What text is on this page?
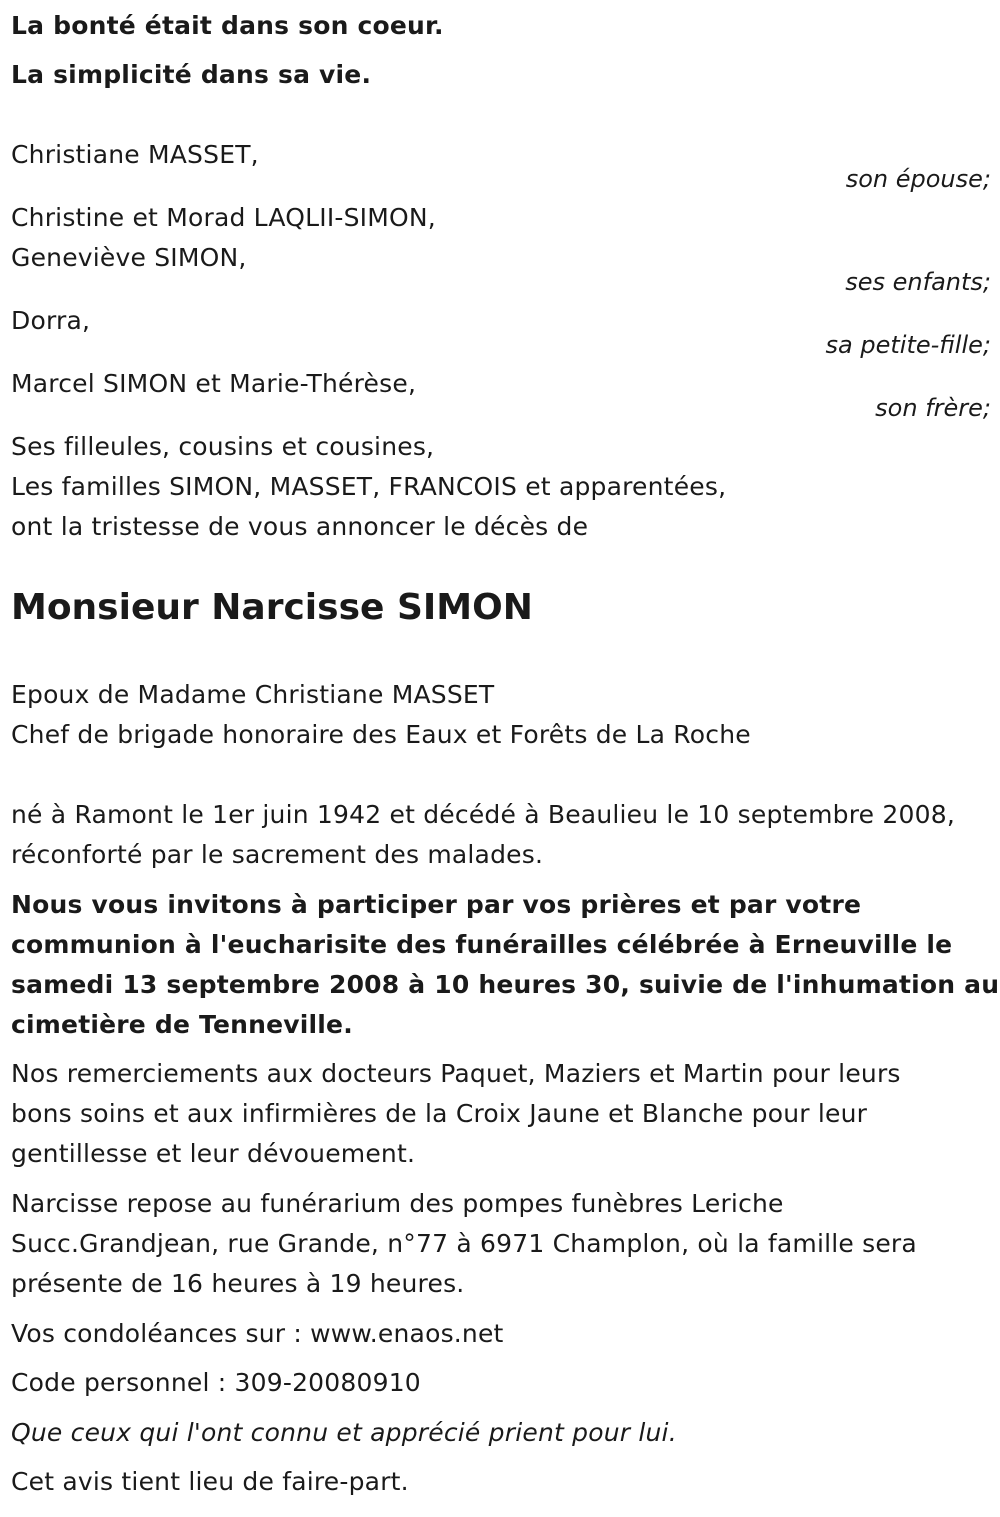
La bonté était dans son coeur.
La simplicité dans sa vie.
Christiane MASSET,
son épouse;
Christine et Morad LAQLII-SIMON,
Geneviève SIMON,
ses enfants;
Dorra,
sa petite-fille;
Marcel SIMON et Marie-Thérèse,
son frère;
Ses filleules, cousins et cousines,
Les familles SIMON, MASSET, FRANCOIS et apparentées,
ont la tristesse de vous annoncer le décès de
Monsieur Narcisse SIMON
Epoux de Madame Christiane MASSET
Chef de brigade honoraire des Eaux et Forêts de La Roche
né à Ramont le 1er juin 1942 et décédé à Beaulieu le 10 septembre 2008,
réconforté par le sacrement des malades.
Nous vous invitons à participer par vos prières et par votre
communion à l'eucharisite des funérailles célébrée à Erneuville le
samedi 13 septembre 2008 à 10 heures 30, suivie de l'inhumation au
cimetière de Tenneville.
Nos remerciements aux docteurs Paquet, Maziers et Martin pour leurs
bons soins et aux infirmières de la Croix Jaune et Blanche pour leur
gentillesse et leur dévouement.
Narcisse repose au funérarium des pompes funèbres Leriche
Succ.Grandjean, rue Grande, n°77 à 6971 Champlon, où la famille sera
présente de 16 heures à 19 heures.
Vos condoléances sur : www.enaos.net
Code personnel : 309-20080910
Que ceux qui l'ont connu et apprécié prient pour lui.
Cet avis tient lieu de faire-part.
